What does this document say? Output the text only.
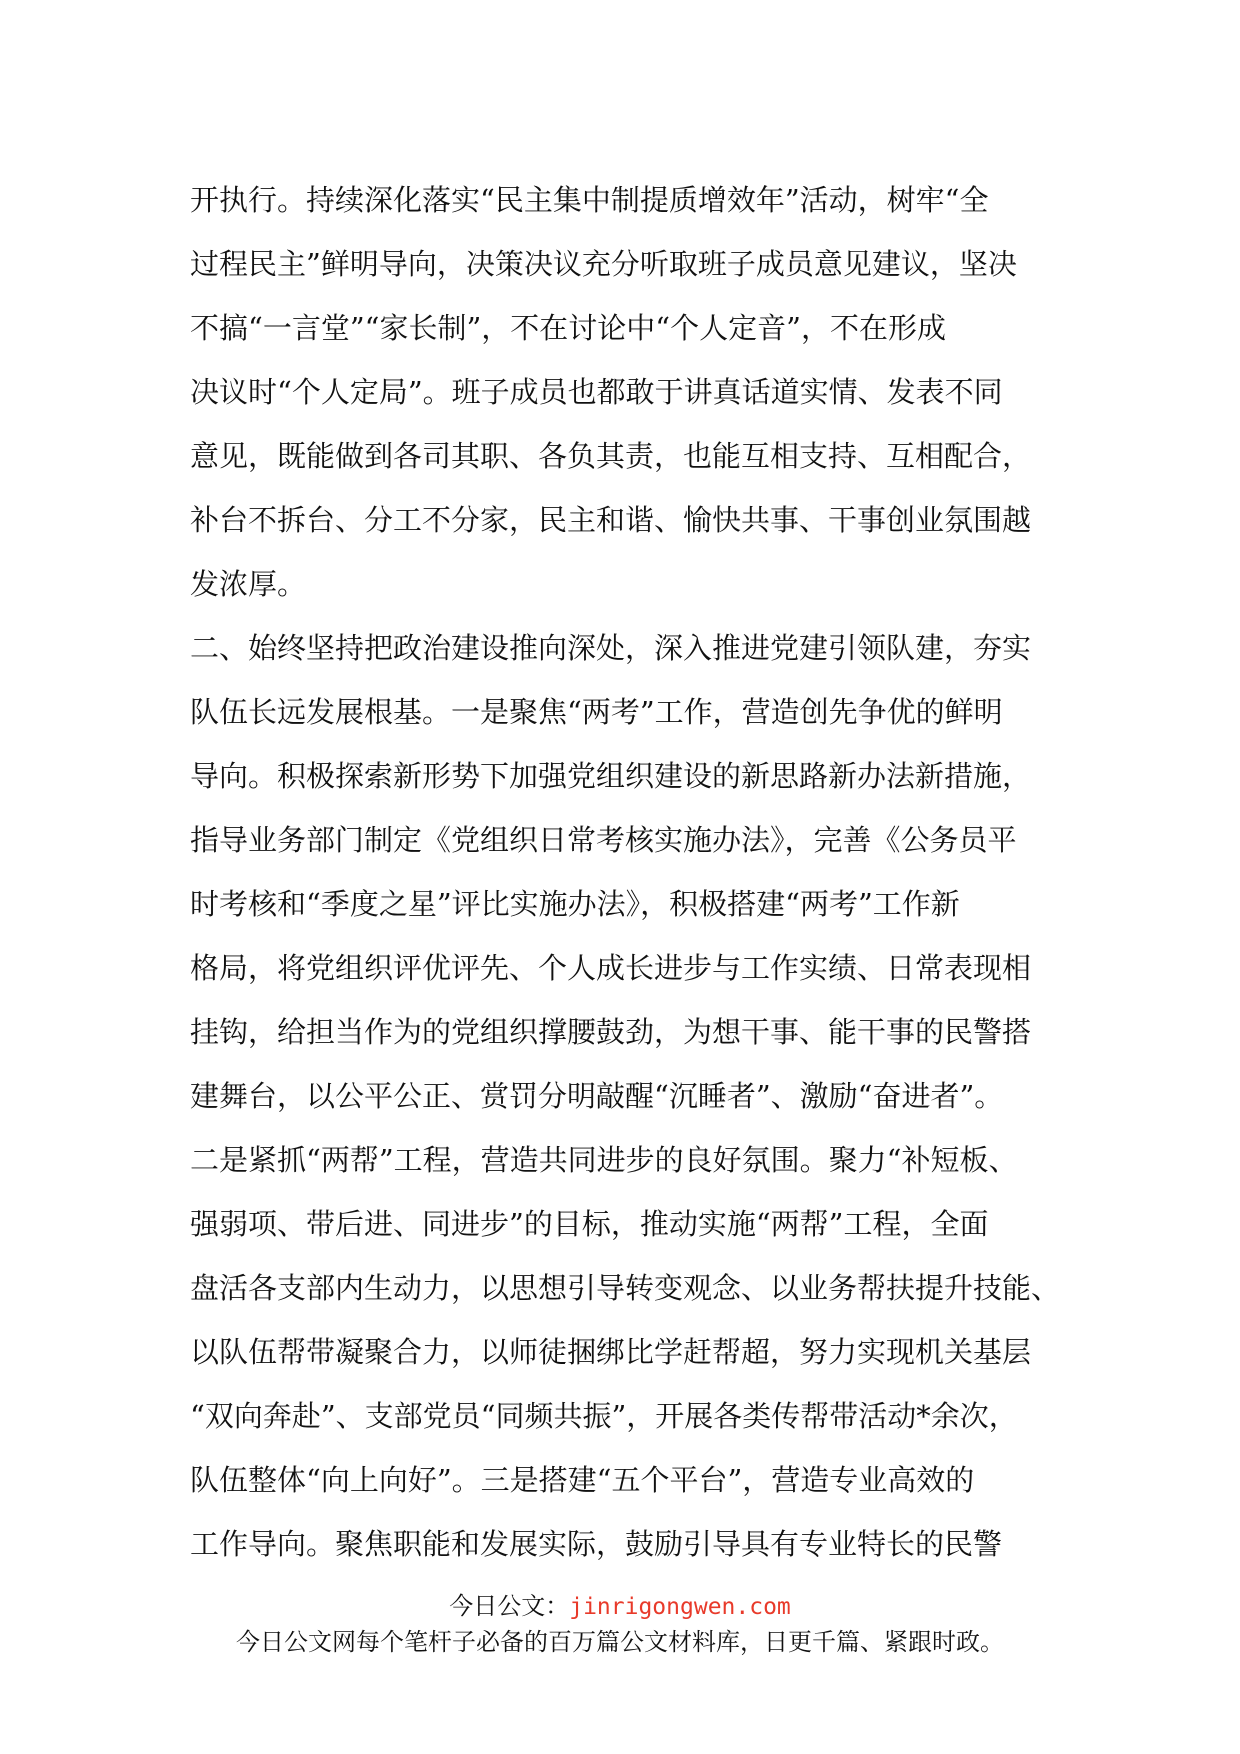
开执行。持续深化落实“民主集中制提质增效年”活动，树牢“全
过程民主”鲜明导向，决策决议充分听取班子成员意见建议，坚决
不搞“一言堂”“家长制”，不在讨论中“个人定音”，不在形成
决议时“个人定局”。班子成员也都敢于讲真话道实情、发表不同
意见，既能做到各司其职、各负其责，也能互相支持、互相配合，
补台不拆台、分工不分家，民主和谐、愉快共事、干事创业氛围越
发浓厚。
二、始终坚持把政治建设推向深处，深入推进党建引领队建，夯实
队伍长远发展根基。一是聚焦“两考”工作，营造创先争优的鲜明
导向。积极探索新形势下加强党组织建设的新思路新办法新措施，
指导业务部门制定《党组织日常考核实施办法》，完善《公务员平
时考核和“季度之星”评比实施办法》，积极搭建“两考”工作新
格局，将党组织评优评先、个人成长进步与工作实绩、日常表现相
挂钩，给担当作为的党组织撑腰鼓劲，为想干事、能干事的民警搭
建舞台，以公平公正、赏罚分明敲醒“沉睡者”、激励“奋进者”。
二是紧抓“两帮”工程，营造共同进步的良好氛围。聚力“补短板、
强弱项、带后进、同进步”的目标，推动实施“两帮”工程，全面
盘活各支部内生动力，以思想引导转变观念、以业务帮扶提升技能、
以队伍帮带凝聚合力，以师徒捆绑比学赶帮超，努力实现机关基层
“双向奔赴”、支部党员“同频共振”，开展各类传帮带活动*余次，
队伍整体“向上向好”。三是搭建“五个平台”，营造专业高效的
工作导向。聚焦职能和发展实际，鼓励引导具有专业特长的民警
今日公文：jinrigongwen.com
今日公文网每个笔杆子必备的百万篇公文材料库，日更千篇、紧跟时政。
